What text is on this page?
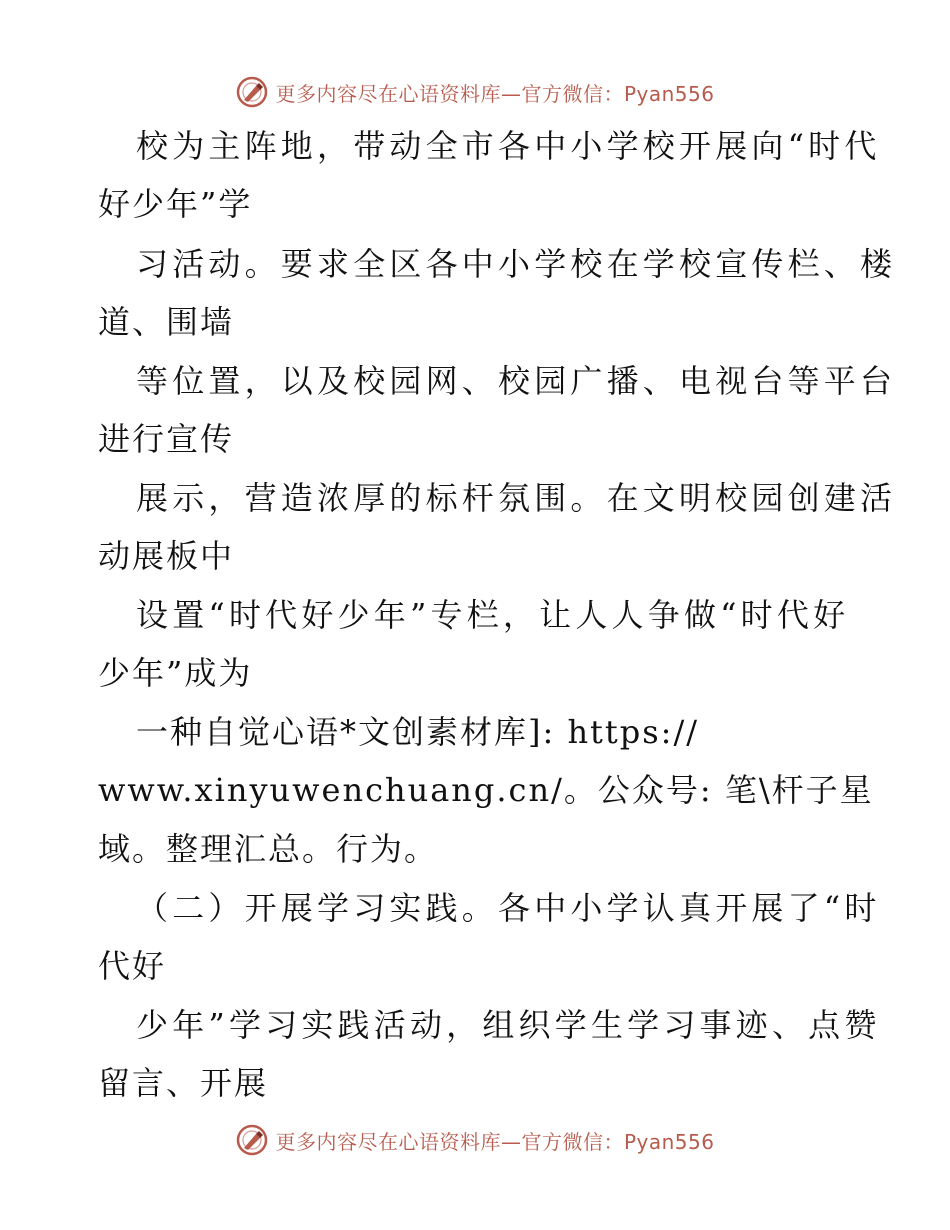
更多内容尽在心语资料库—官方微信：Pyan556
校为主阵地，带动全市各中小学校开展向“时代
好少年”学
习活动。要求全区各中小学校在学校宣传栏、楼
道、围墙
等位置，以及校园网、校园广播、电视台等平台
进行宣传
展示，营造浓厚的标杆氛围。在文明校园创建活
动展板中
设置“时代好少年”专栏，让人人争做“时代好
少年”成为
一种自觉心语*文创素材库]: https://
www.xinyuwenchuang.cn/。公众号: 笔\杆子星
域。整理汇总。行为。
（二）开展学习实践。各中小学认真开展了“时
代好
少年”学习实践活动，组织学生学习事迹、点赞
留言、开展
更多内容尽在心语资料库—官方微信：Pyan556
